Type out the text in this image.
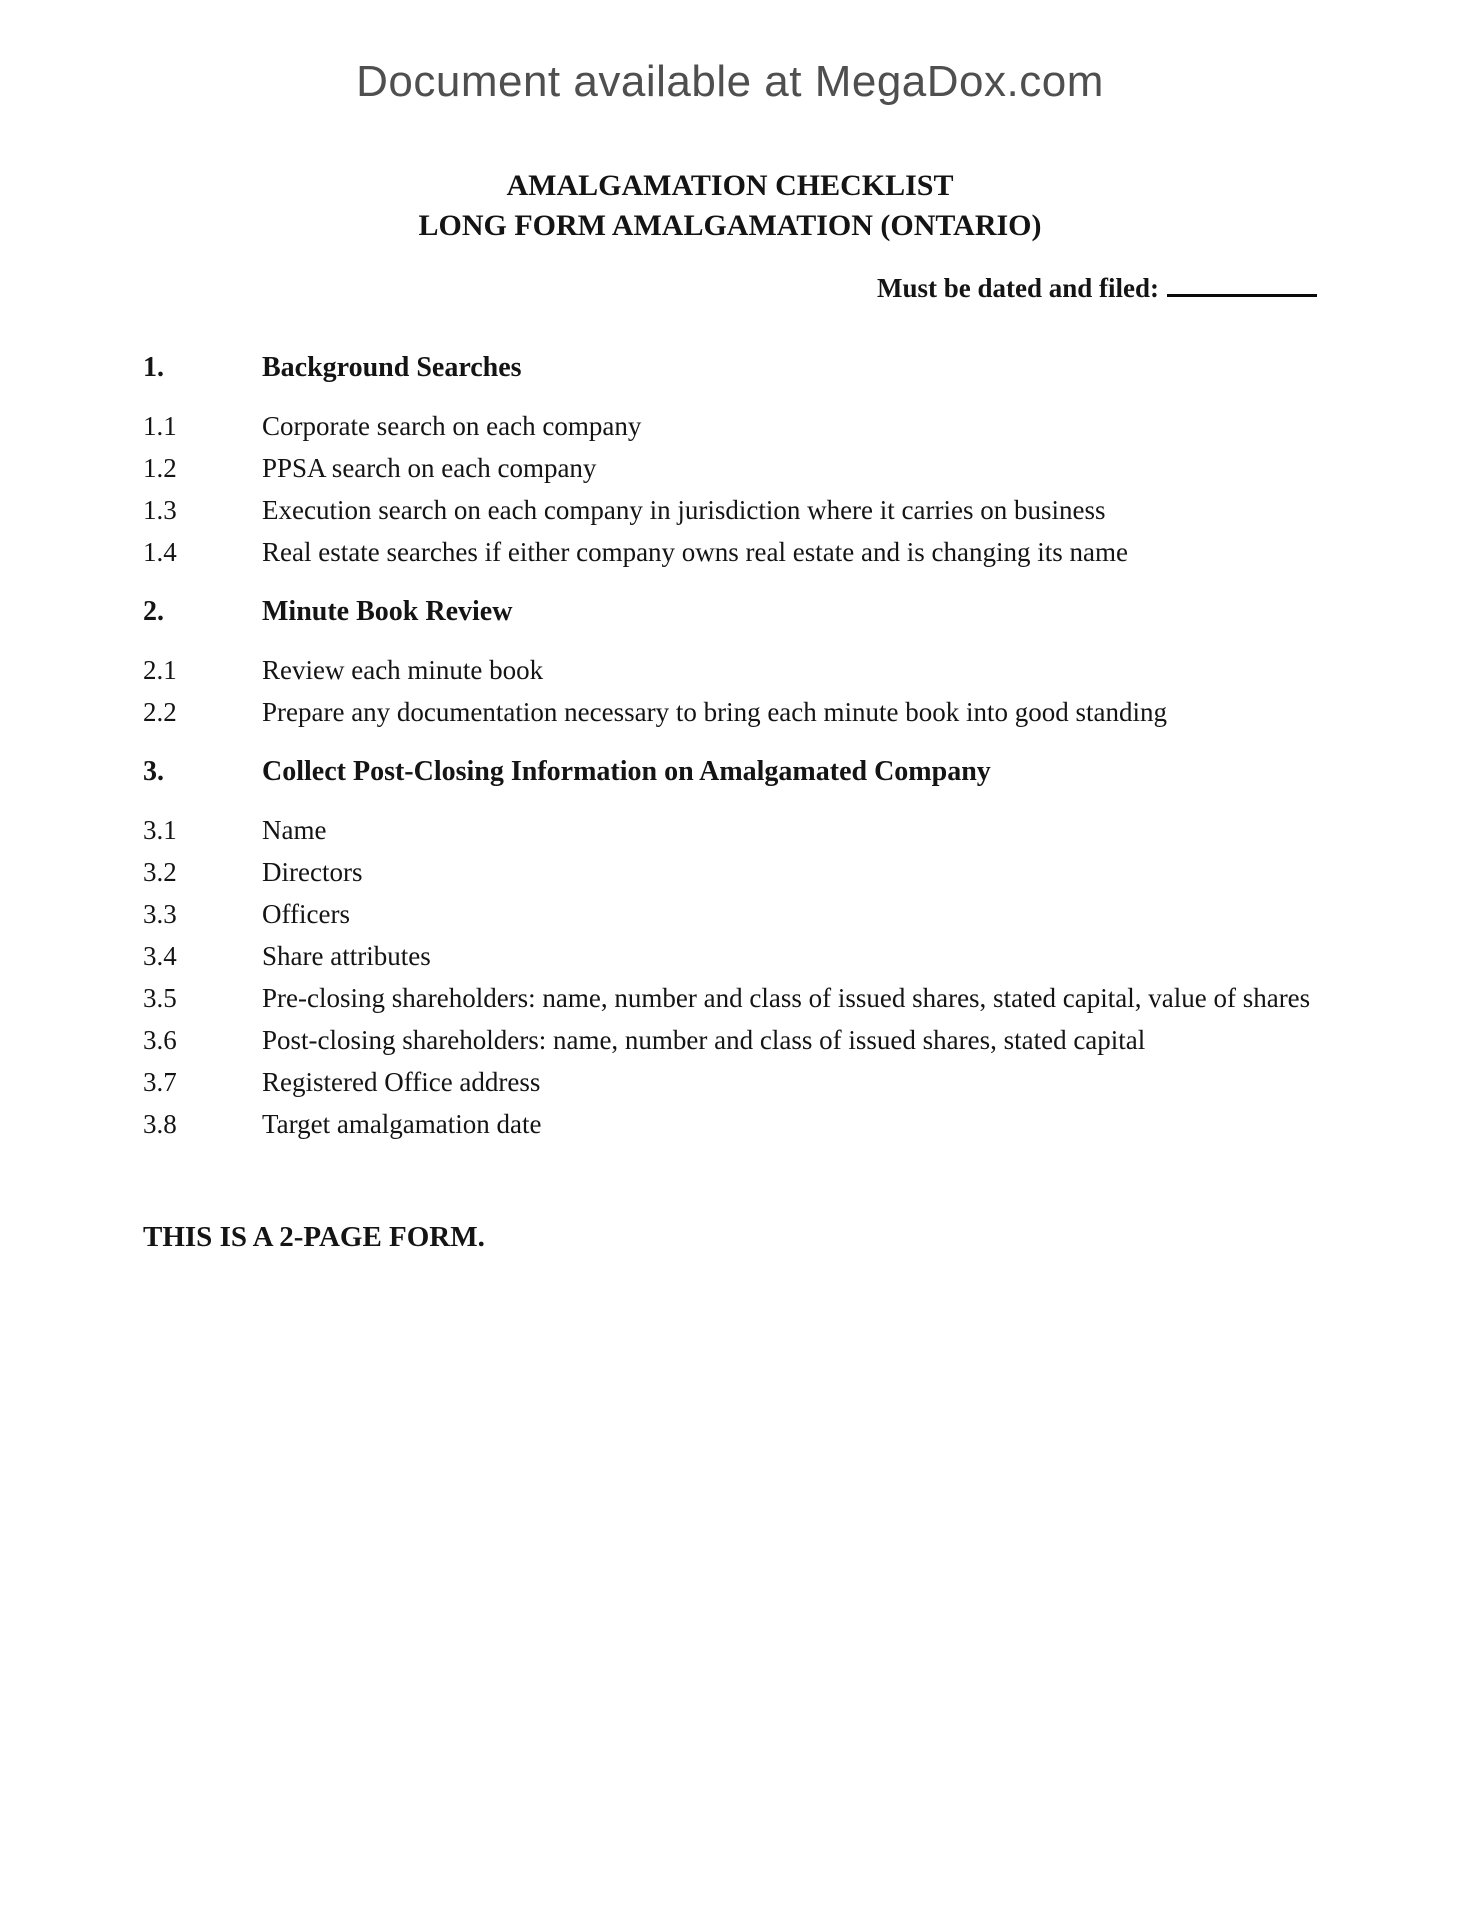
Document available at MegaDox.com
AMALGAMATION CHECKLIST
LONG FORM AMALGAMATION (ONTARIO)
Must be dated and filed:
1.	Background Searches
1.1	Corporate search on each company
1.2	PPSA search on each company
1.3	Execution search on each company in jurisdiction where it carries on business
1.4	Real estate searches if either company owns real estate and is changing its name
2.	Minute Book Review
2.1	Review each minute book
2.2	Prepare any documentation necessary to bring each minute book into good standing
3.	Collect Post-Closing Information on Amalgamated Company
3.1	Name
3.2	Directors
3.3	Officers
3.4	Share attributes
3.5	Pre-closing shareholders: name, number and class of issued shares, stated capital, value of shares
3.6	Post-closing shareholders: name, number and class of issued shares, stated capital
3.7	Registered Office address
3.8	Target amalgamation date
THIS IS A 2-PAGE FORM.
